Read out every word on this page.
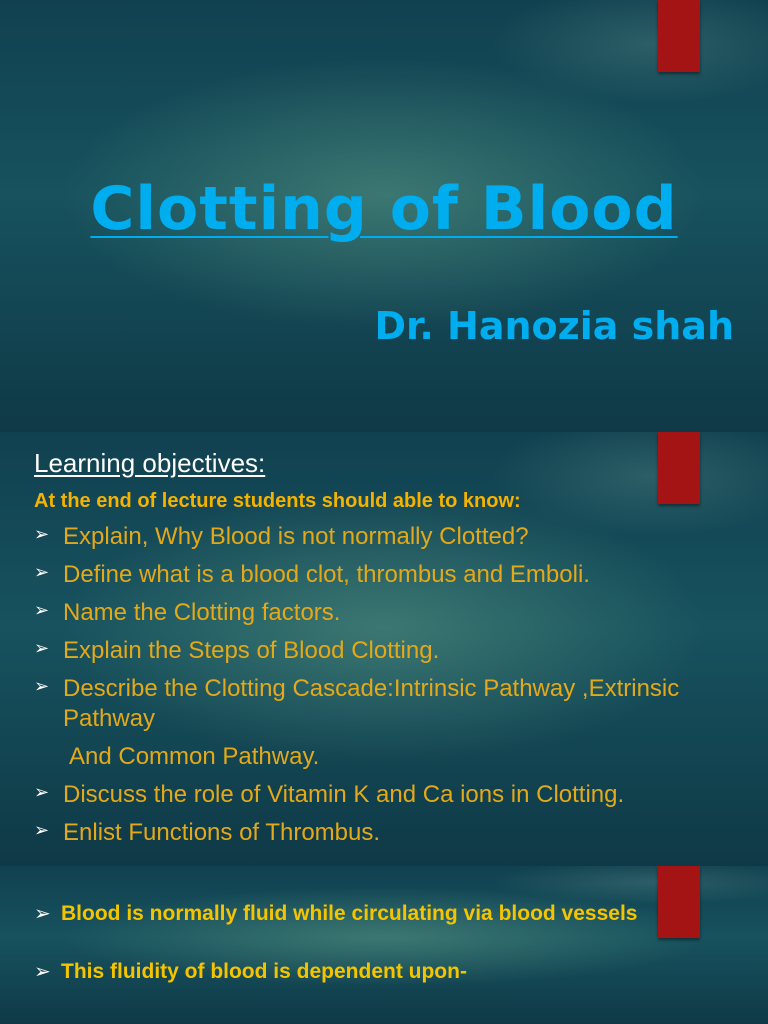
Clotting of Blood
Dr. Hanozia shah
Learning objectives:

At the end of lecture students should able to know:

➢ Explain, Why Blood is not normally Clotted?
➢ Define what is a blood clot, thrombus and Emboli.
➢ Name the Clotting factors.
➢ Explain the Steps of Blood Clotting.
➢ Describe the Clotting Cascade:Intrinsic Pathway ,Extrinsic Pathway
And Common Pathway.
➢ Discuss the role of Vitamin K and Ca ions in Clotting.
➢ Enlist Functions of Thrombus.

➢ Blood is normally fluid while circulating via blood vessels

➢ This fluidity of blood is dependent upon-
